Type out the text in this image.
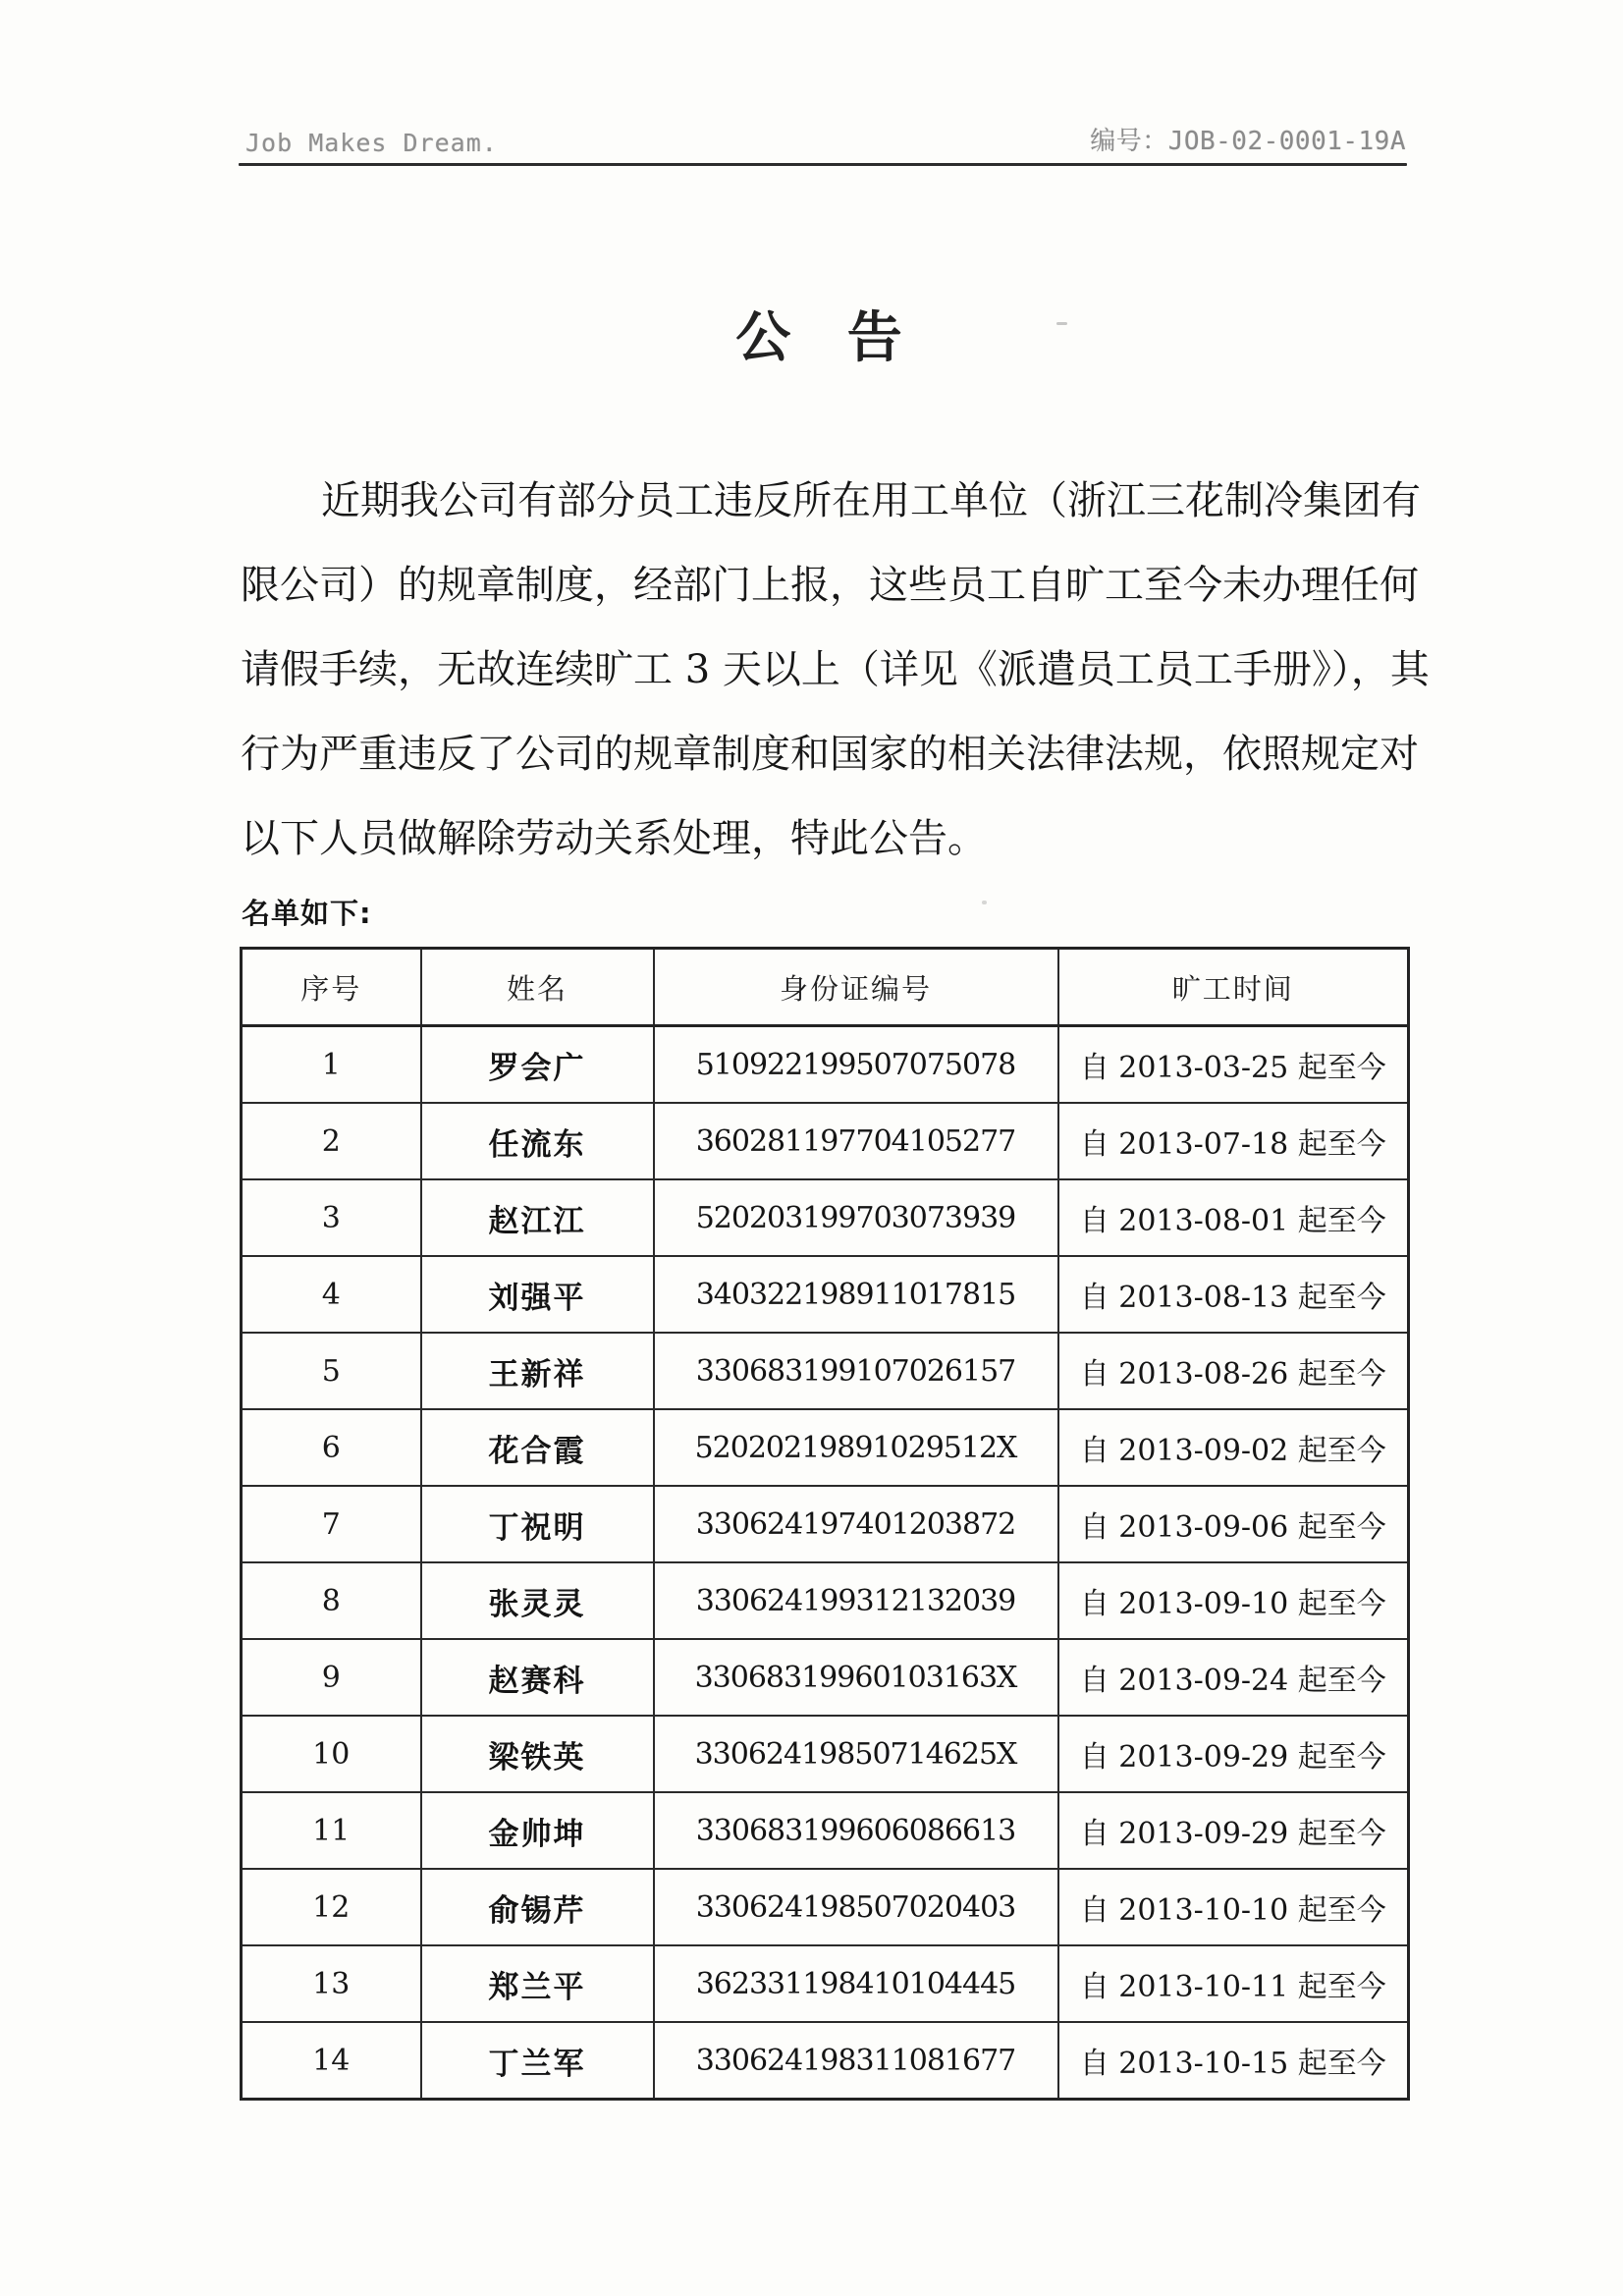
Job Makes Dream.	编号：JOB-02-0001-19A
公 告
近期我公司有部分员工违反所在用工单位（浙江三花制冷集团有
限公司）的规章制度，经部门上报，这些员工自旷工至今未办理任何
请假手续，无故连续旷工 3 天以上（详见《派遣员工员工手册》），其
行为严重违反了公司的规章制度和国家的相关法律法规，依照规定对
以下人员做解除劳动关系处理，特此公告。
名单如下:
序号	姓名	身份证编号	旷工时间
1	罗会广	510922199507075078	自 2013-03-25 起至今
2	任流东	360281197704105277	自 2013-07-18 起至今
3	赵江江	520203199703073939	自 2013-08-01 起至今
4	刘强平	340322198911017815	自 2013-08-13 起至今
5	王新祥	330683199107026157	自 2013-08-26 起至今
6	花合霞	52020219891029512X	自 2013-09-02 起至今
7	丁祝明	330624197401203872	自 2013-09-06 起至今
8	张灵灵	330624199312132039	自 2013-09-10 起至今
9	赵赛科	33068319960103163X	自 2013-09-24 起至今
10	梁铁英	33062419850714625X	自 2013-09-29 起至今
11	金帅坤	330683199606086613	自 2013-09-29 起至今
12	俞锡芹	330624198507020403	自 2013-10-10 起至今
13	郑兰平	362331198410104445	自 2013-10-11 起至今
14	丁兰军	330624198311081677	自 2013-10-15 起至今
